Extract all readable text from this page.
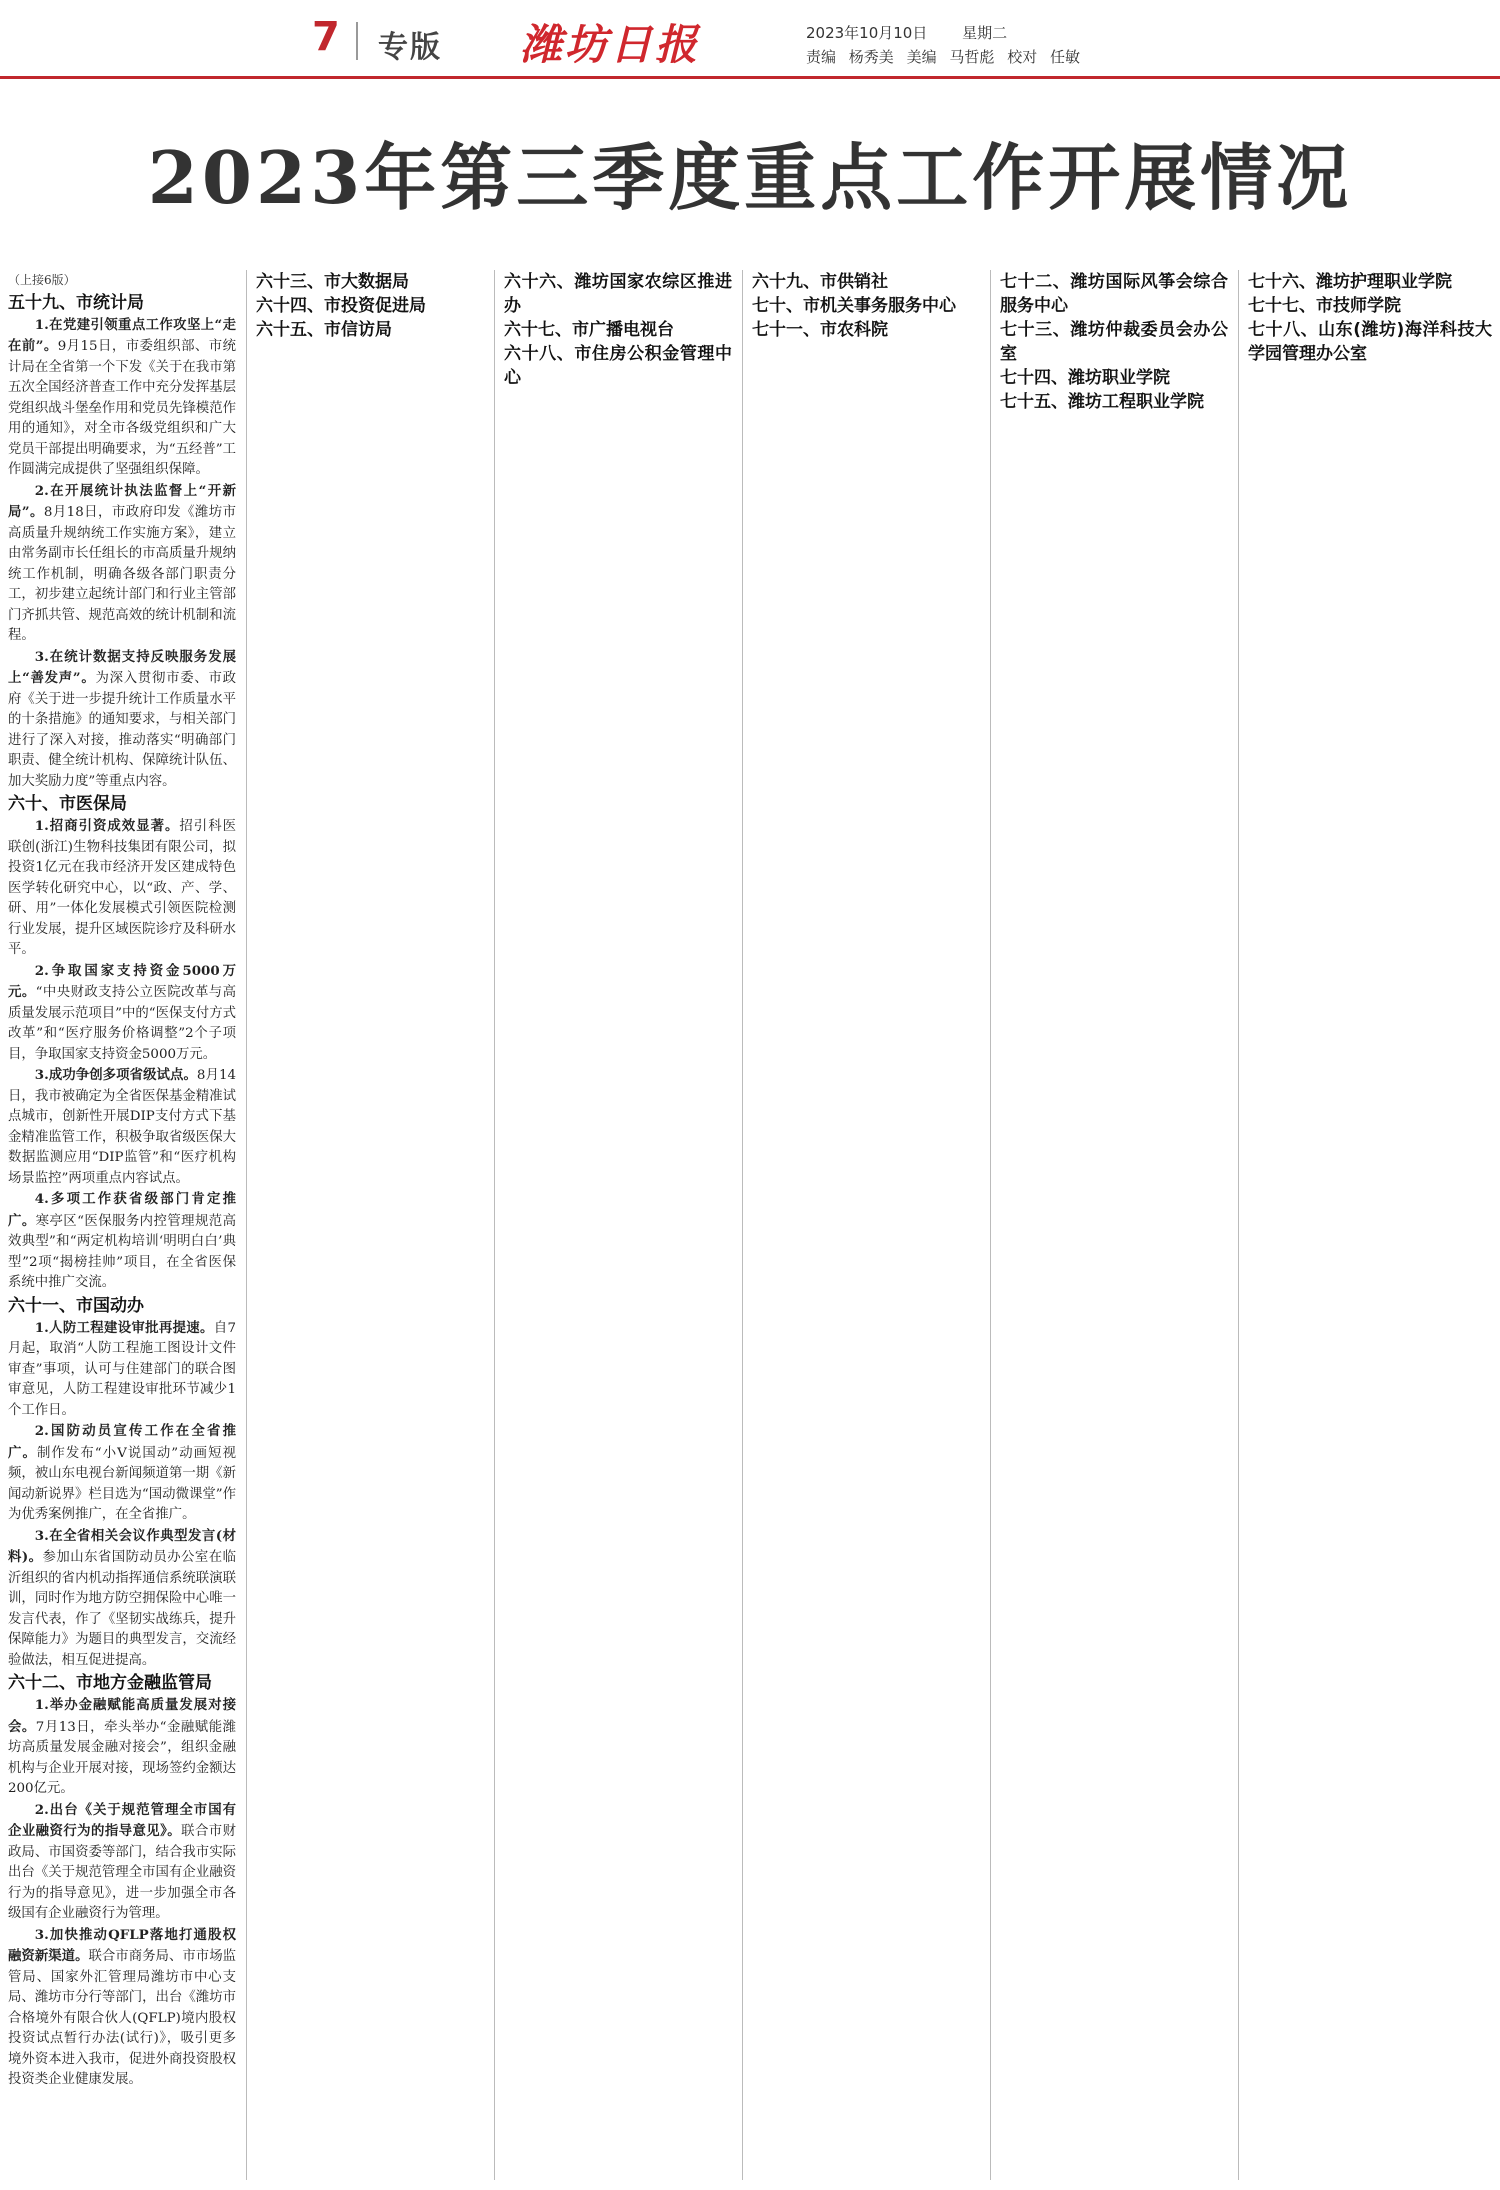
7 专版 潍坊日报	2023年10月10日 星期二
责编 杨秀美 美编 马哲彪 校对 任敏
2023年第三季度重点工作开展情况

（上接6版）

五十九、市统计局

1.在党建引领重点工作攻坚上“走在前”。9月15日，市委组织部、市统计局在全省第一个下发《关于在我市第五次全国经济普查工作中充分发挥基层党组织战斗堡垒作用和党员先锋模范作用的通知》，对全市各级党组织和广大党员干部提出明确要求，为“五经普”工作圆满完成提供了坚强组织保障。

2.在开展统计执法监督上“开新局”。8月18日，市政府印发《潍坊市高质量升规纳统工作实施方案》，建立由常务副市长任组长的市高质量升规纳统工作机制，明确各级各部门职责分工，初步建立起统计部门和行业主管部门齐抓共管、规范高效的统计机制和流程。

3.在统计数据支持反映服务发展上“善发声”。为深入贯彻市委、市政府《关于进一步提升统计工作质量水平的十条措施》的通知要求，与相关部门进行了深入对接，推动落实“明确部门职责、健全统计机构、保障统计队伍、加大奖励力度”等重点内容。

六十、市医保局

1.招商引资成效显著。招引科医联创(浙江)生物科技集团有限公司，拟投资1亿元在我市经济开发区建成特色医学转化研究中心，以“政、产、学、研、用”一体化发展模式引领医院检测行业发展，提升区域医院诊疗及科研水平。

2.争取国家支持资金5000万元。“中央财政支持公立医院改革与高质量发展示范项目”中的“医保支付方式改革”和“医疗服务价格调整”2个子项目，争取国家支持资金5000万元。

3.成功争创多项省级试点。8月14日，我市被确定为全省医保基金精准试点城市，创新性开展DIP支付方式下基金精准监管工作，积极争取省级医保大数据监测应用“DIP监管”和“医疗机构场景监控”两项重点内容试点。

4.多项工作获省级部门肯定推广。寒亭区“医保服务内控管理规范高效典型”和“两定机构培训‘明明白白’典型”2项“揭榜挂帅”项目，在全省医保系统中推广交流。

六十一、市国动办

1.人防工程建设审批再提速。自7月起，取消“人防工程施工图设计文件审查”事项，认可与住建部门的联合图审意见，人防工程建设审批环节减少1个工作日。

2.国防动员宣传工作在全省推广。制作发布“小V说国动”动画短视频，被山东电视台新闻频道第一期《新闻动新说界》栏目选为“国动微课堂”作为优秀案例推广，在全省推广。

3.在全省相关会议作典型发言(材料)。参加山东省国防动员办公室在临沂组织的省内机动指挥通信系统联演联训，同时作为地方防空拥保险中心唯一发言代表，作了《坚韧实战练兵，提升保障能力》为题目的典型发言，交流经验做法，相互促进提高。

六十二、市地方金融监管局

1.举办金融赋能高质量发展对接会。7月13日，牵头举办“金融赋能潍坊高质量发展金融对接会”，组织金融机构与企业开展对接，现场签约金额达200亿元。

2.出台《关于规范管理全市国有企业融资行为的指导意见》。联合市财政局、市国资委等部门，结合我市实际出台《关于规范管理全市国有企业融资行为的指导意见》，进一步加强全市各级国有企业融资行为管理。

3.加快推动QFLP落地打通股权融资新渠道。联合市商务局、市市场监管局、国家外汇管理局潍坊市中心支局、潍坊市分行等部门，出台《潍坊市合格境外有限合伙人(QFLP)境内股权投资试点暂行办法(试行)》，吸引更多境外资本进入我市，促进外商投资股权投资类企业健康发展。

六十三、市大数据局

六十四、市投资促进局

六十五、市信访局

六十六、潍坊国家农综区推进办

六十七、市广播电视台

六十八、市住房公积金管理中心

六十九、市供销社

七十、市机关事务服务中心

七十一、市农科院

七十二、潍坊国际风筝会综合服务中心

七十三、潍坊仲裁委员会办公室

七十四、潍坊职业学院

七十五、潍坊工程职业学院

七十六、潍坊护理职业学院

七十七、市技师学院

七十八、山东(潍坊)海洋科技大学园管理办公室
